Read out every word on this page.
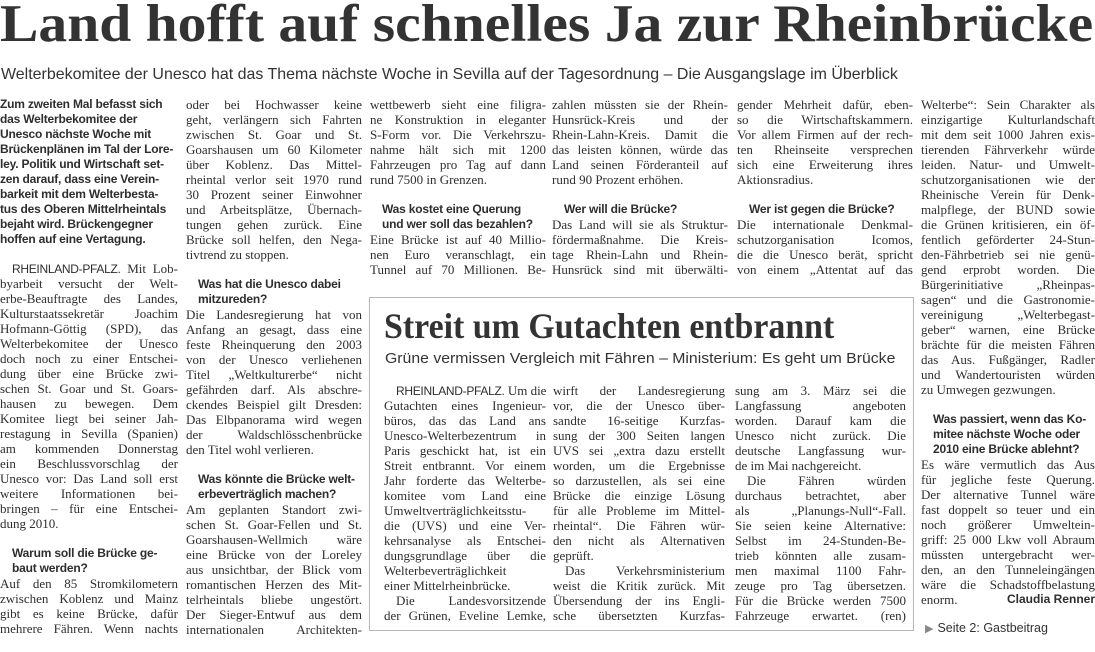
Land hofft auf schnelles Ja zur Rheinbrücke
Welterbekomitee der Unesco hat das Thema nächste Woche in Sevilla auf der Tagesordnung – Die Ausgangslage im Überblick
Zum zweiten Mal befasst sich
das Welterbekomitee der
Unesco nächste Woche mit
Brückenplänen im Tal der Lore-
ley. Politik und Wirtschaft set-
zen darauf, dass eine Verein-
barkeit mit dem Welterbesta-
tus des Oberen Mittelrheintals
bejaht wird. Brückengegner
hoffen auf eine Vertagung.
RHEINLAND-PFALZ. Mit Lob-
byarbeit versucht der Welt-
erbe-Beauftragte des Landes,
Kulturstaatssekretär Joachim
Hofmann-Göttig (SPD), das
Welterbekomitee der Unesco
doch noch zu einer Entschei-
dung über eine Brücke zwi-
schen St. Goar und St. Goars-
hausen zu bewegen. Dem
Komitee liegt bei seiner Jah-
restagung in Sevilla (Spanien)
am kommenden Donnerstag
ein Beschlussvorschlag der
Unesco vor: Das Land soll erst
weitere Informationen bei-
bringen – für eine Entschei-
dung 2010.
Warum soll die Brücke ge-
baut werden?
Auf den 85 Stromkilometern
zwischen Koblenz und Mainz
gibt es keine Brücke, dafür
mehrere Fähren. Wenn nachts
oder bei Hochwasser keine
geht, verlängern sich Fahrten
zwischen St. Goar und St.
Goarshausen um 60 Kilometer
über Koblenz. Das Mittel-
rheintal verlor seit 1970 rund
30 Prozent seiner Einwohner
und Arbeitsplätze, Übernach-
tungen gehen zurück. Eine
Brücke soll helfen, den Nega-
tivtrend zu stoppen.
Was hat die Unesco dabei
mitzureden?
Die Landesregierung hat von
Anfang an gesagt, dass eine
feste Rheinquerung den 2003
von der Unesco verliehenen
Titel „Weltkulturerbe“ nicht
gefährden darf. Als abschre-
ckendes Beispiel gilt Dresden:
Das Elbpanorama wird wegen
der Waldschlösschenbrücke
den Titel wohl verlieren.
Was könnte die Brücke welt-
erbeverträglich machen?
Am geplanten Standort zwi-
schen St. Goar-Fellen und St.
Goarshausen-Wellmich wäre
eine Brücke von der Loreley
aus unsichtbar, der Blick vom
romantischen Herzen des Mit-
telrheintals bliebe ungestört.
Der Sieger-Entwuf aus dem
internationalen Architekten-
wettbewerb sieht eine filigra-
ne Konstruktion in eleganter
S-Form vor. Die Verkehrszu-
nahme hält sich mit 1200
Fahrzeugen pro Tag auf dann
rund 7500 in Grenzen.
Was kostet eine Querung
und wer soll das bezahlen?
Eine Brücke ist auf 40 Millio-
nen Euro veranschlagt, ein
Tunnel auf 70 Millionen. Be-
zahlen müssten sie der Rhein-
Hunsrück-Kreis und der
Rhein-Lahn-Kreis. Damit die
das leisten können, würde das
Land seinen Förderanteil auf
rund 90 Prozent erhöhen.
Wer will die Brücke?
Das Land will sie als Struktur-
fördermaßnahme. Die Kreis-
tage Rhein-Lahn und Rhein-
Hunsrück sind mit überwälti-
gender Mehrheit dafür, eben-
so die Wirtschaftskammern.
Vor allem Firmen auf der rech-
ten Rheinseite versprechen
sich eine Erweiterung ihres
Aktionsradius.
Wer ist gegen die Brücke?
Die internationale Denkmal-
schutzorganisation Icomos,
die die Unesco berät, spricht
von einem „Attentat auf das
Welterbe“: Sein Charakter als
einzigartige Kulturlandschaft
mit dem seit 1000 Jahren exis-
tierenden Fährverkehr würde
leiden. Natur- und Umwelt-
schutzorganisationen wie der
Rheinische Verein für Denk-
malpflege, der BUND sowie
die Grünen kritisieren, ein öf-
fentlich geförderter 24-Stun-
den-Fährbetrieb sei nie genü-
gend erprobt worden. Die
Bürgerinitiative „Rheinpas-
sagen“ und die Gastronomie-
vereinigung „Welterbegast-
geber“ warnen, eine Brücke
brächte für die meisten Fähren
das Aus. Fußgänger, Radler
und Wandertouristen würden
zu Umwegen gezwungen.
Was passiert, wenn das Ko-
mitee nächste Woche oder
2010 eine Brücke ablehnt?
Es wäre vermutlich das Aus
für jegliche feste Querung.
Der alternative Tunnel wäre
fast doppelt so teuer und ein
noch größerer Umweltein-
griff: 25 000 Lkw voll Abraum
müssten untergebracht wer-
den, an den Tunneleingängen
wäre die Schadstoffbelastung
enorm.	Claudia Renner
Streit um Gutachten entbrannt
Grüne vermissen Vergleich mit Fähren – Ministerium: Es geht um Brücke
RHEINLAND-PFALZ. Um die
Gutachten eines Ingenieur-
büros, das das Land ans
Unesco-Welterbezentrum in
Paris geschickt hat, ist ein
Streit entbrannt. Vor einem
Jahr forderte das Welterbe-
komitee vom Land eine
Umweltverträglichkeitsstu-
die (UVS) und eine Ver-
kehrsanalyse als Entschei-
dungsgrundlage über die
Welterbeverträglichkeit
einer Mittelrheinbrücke.
Die Landesvorsitzende
der Grünen, Eveline Lemke,
wirft der Landesregierung
vor, die der Unesco über-
sandte 16-seitige Kurzfas-
sung der 300 Seiten langen
UVS sei „extra dazu erstellt
worden, um die Ergebnisse
so darzustellen, als sei eine
Brücke die einzige Lösung
für alle Probleme im Mittel-
rheintal“. Die Fähren wür-
den nicht als Alternativen
geprüft.
Das Verkehrsministerium
weist die Kritik zurück. Mit
Übersendung der ins Engli-
sche übersetzten Kurzfas-
sung am 3. März sei die
Langfassung angeboten
worden. Darauf kam die
Unesco nicht zurück. Die
deutsche Langfassung wur-
de im Mai nachgereicht.
Die Fähren würden
durchaus betrachtet, aber
als „Planungs-Null“-Fall.
Sie seien keine Alternative:
Selbst im 24-Stunden-Be-
trieb könnten alle zusam-
men maximal 1100 Fahr-
zeuge pro Tag übersetzen.
Für die Brücke werden 7500
Fahrzeuge erwartet. (ren)
▶ Seite 2: Gastbeitrag
